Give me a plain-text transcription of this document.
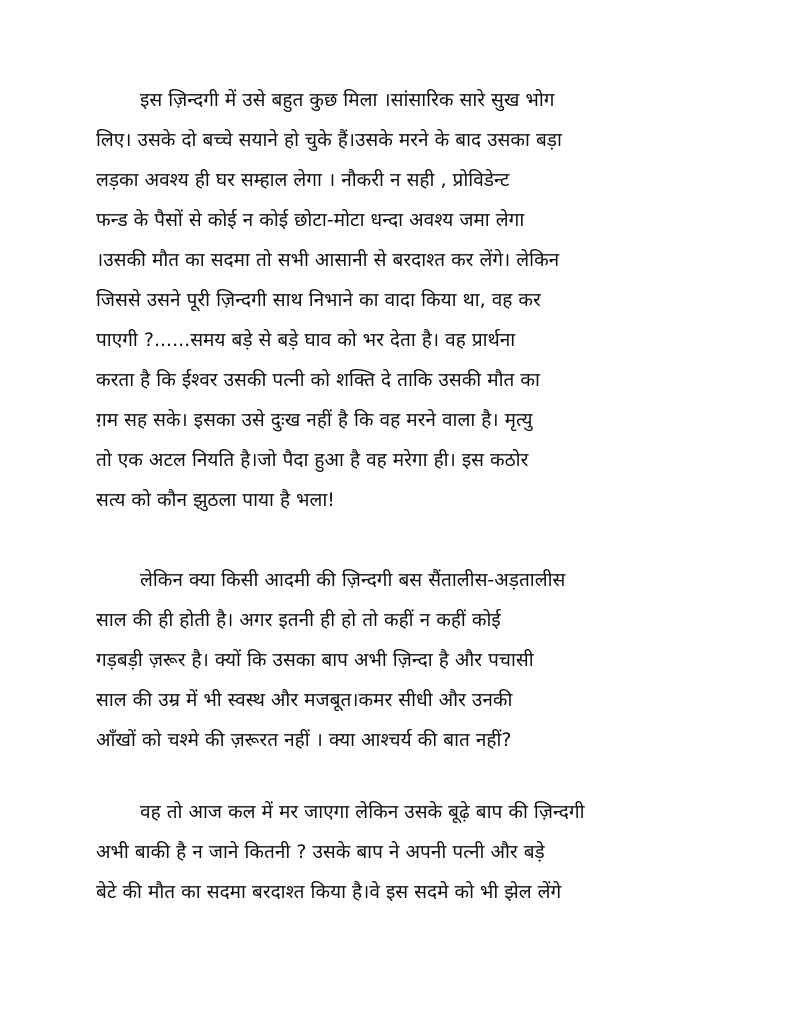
इस ज़िन्दगी में उसे बहुत कुछ मिला ।सांसारिक सारे सुख भोग
लिए। उसके दो बच्चे सयाने हो चुके हैं।उसके मरने के बाद उसका बड़ा
लड़का अवश्य ही घर सम्हाल लेगा । नौकरी न सही , प्रोविडेन्ट
फन्ड के पैसों से कोई न कोई छोटा-मोटा धन्दा अवश्य जमा लेगा
।उसकी मौत का सदमा तो सभी आसानी से बरदाश्त कर लेंगे। लेकिन
जिससे उसने पूरी ज़िन्दगी साथ निभाने का वादा किया था, वह कर
पाएगी ?......समय बड़े से बड़े घाव को भर देता है। वह प्रार्थना
करता है कि ईश्वर उसकी पत्नी को शक्ति दे ताकि उसकी मौत का
ग़म सह सके। इसका उसे दुःख नहीं है कि वह मरने वाला है। मृत्यु
तो एक अटल नियति है।जो पैदा हुआ है वह मरेगा ही। इस कठोर
सत्य को कौन झुठला पाया है भला!
लेकिन क्या किसी आदमी की ज़िन्दगी बस सैंतालीस-अड़तालीस
साल की ही होती है। अगर इतनी ही हो तो कहीं न कहीं कोई
गड़बड़ी ज़रूर है। क्यों कि उसका बाप अभी ज़िन्दा है और पचासी
साल की उम्र में भी स्वस्थ और मजबूत।कमर सीधी और उनकी
आँखों को चश्मे की ज़रूरत नहीं । क्या आश्चर्य की बात नहीं?
वह तो आज कल में मर जाएगा लेकिन उसके बूढ़े बाप की ज़िन्दगी
अभी बाकी है न जाने कितनी ? उसके बाप ने अपनी पत्नी और बड़े
बेटे की मौत का सदमा बरदाश्त किया है।वे इस सदमे को भी झेल लेंगे
